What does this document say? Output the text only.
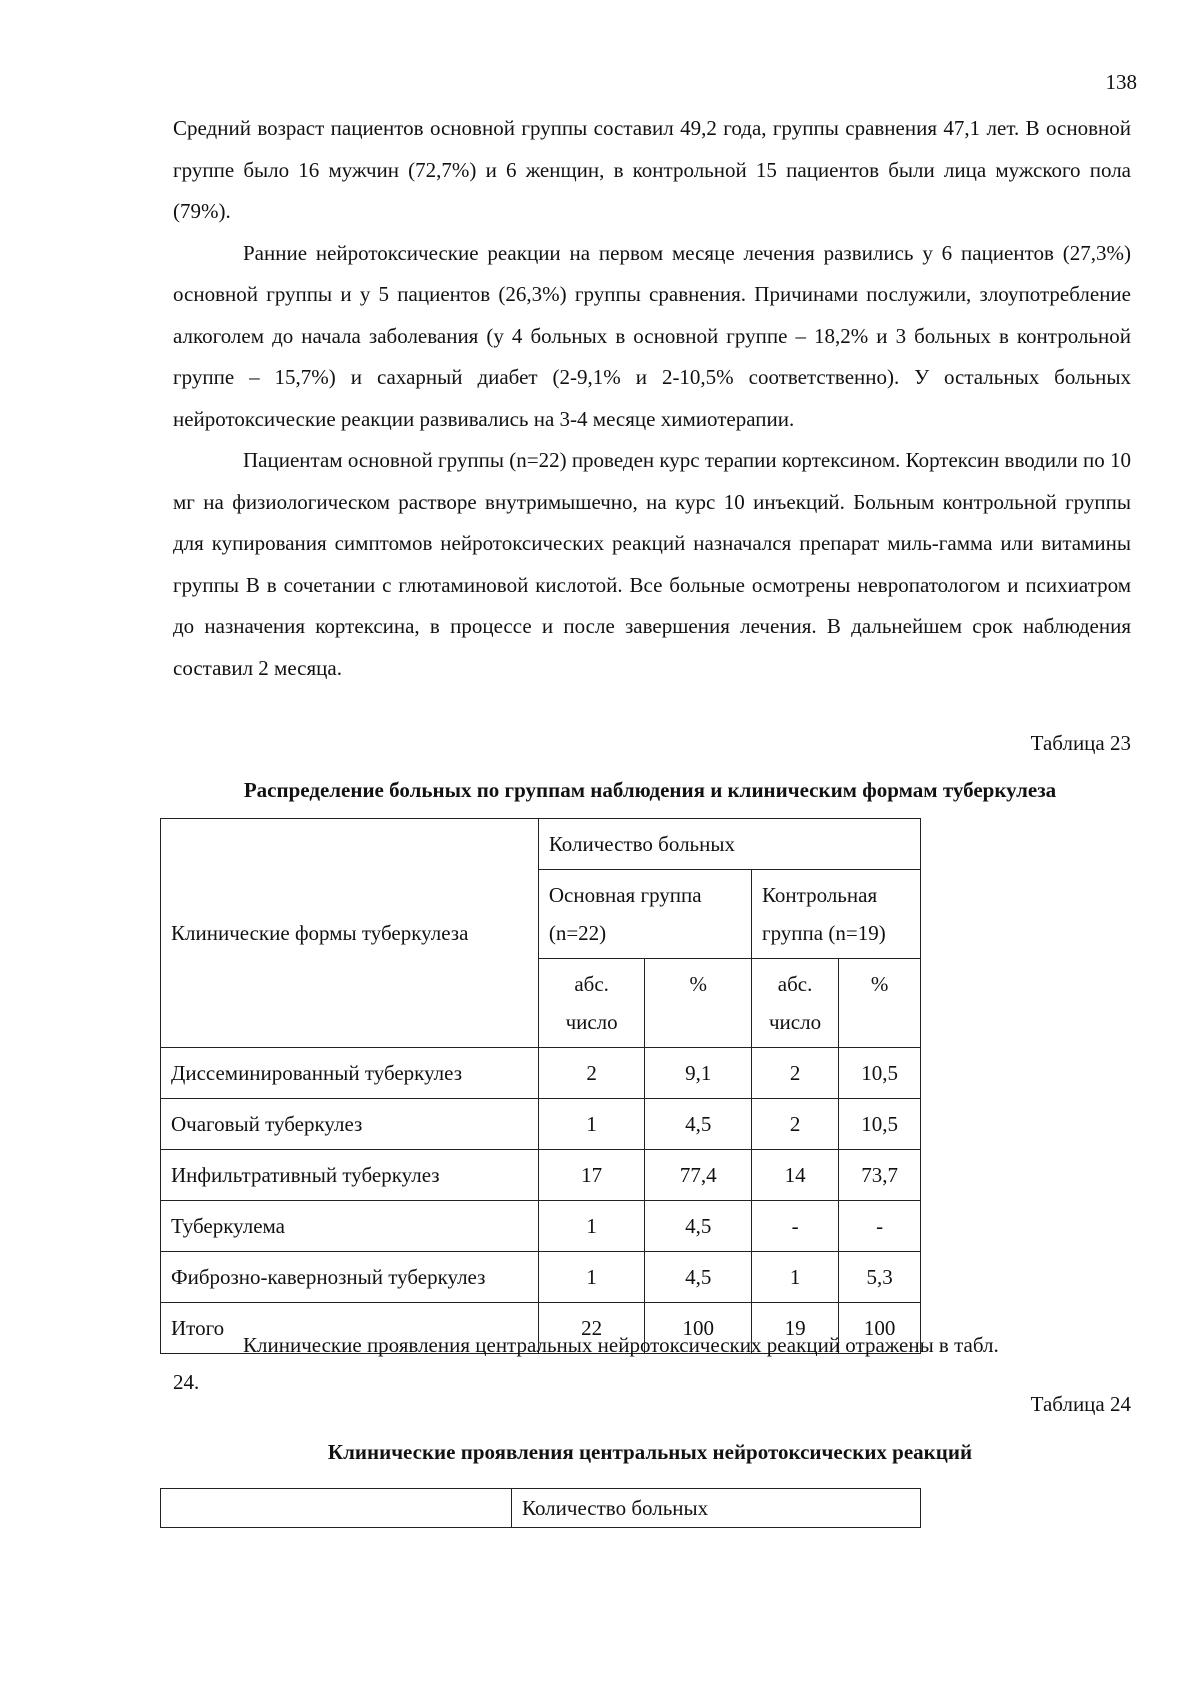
138

Средний возраст пациентов основной группы составил 49,2 года, группы сравнения 47,1 лет. В основной группе было 16 мужчин (72,7%) и 6 женщин, в контрольной 15 пациентов были лица мужского пола (79%).

Ранние нейротоксические реакции на первом месяце лечения развились у 6 пациентов (27,3%) основной группы и у 5 пациентов (26,3%) группы сравнения. Причинами послужили, злоупотребление алкоголем до начала заболевания (у 4 больных в основной группе – 18,2% и 3 больных в контрольной группе – 15,7%) и сахарный диабет (2-9,1% и 2-10,5% соответственно). У остальных больных нейротоксические реакции развивались на 3-4 месяце химиотерапии.

Пациентам основной группы (n=22) проведен курс терапии кортексином. Кортексин вводили по 10 мг на физиологическом растворе внутримышечно, на курс 10 инъекций. Больным контрольной группы для купирования симптомов нейротоксических реакций назначался препарат миль-гамма или витамины группы В в сочетании с глютаминовой кислотой. Все больные осмотрены невропатологом и психиатром до назначения кортексина, в процессе и после завершения лечения. В дальнейшем срок наблюдения составил 2 месяца.

Таблица 23
Распределение больных по группам наблюдения и клиническим формам туберкулеза
Клинические формы туберкулеза	Количество больных			
	Основная группа (n=22)		Контрольная группа (n=19)	
	абс. число	%	абс. число	%
Диссеминированный туберкулез	2	9,1	2	10,5
Очаговый туберкулез	1	4,5	2	10,5
Инфильтративный туберкулез	17	77,4	14	73,7
Туберкулема	1	4,5	-	-
Фиброзно-кавернозный туберкулез	1	4,5	1	5,3
Итого	22	100	19	100
Клинические проявления центральных нейротоксических реакций отражены в табл.
24.
Таблица 24
Клинические проявления центральных нейротоксических реакций
	Количество больных
